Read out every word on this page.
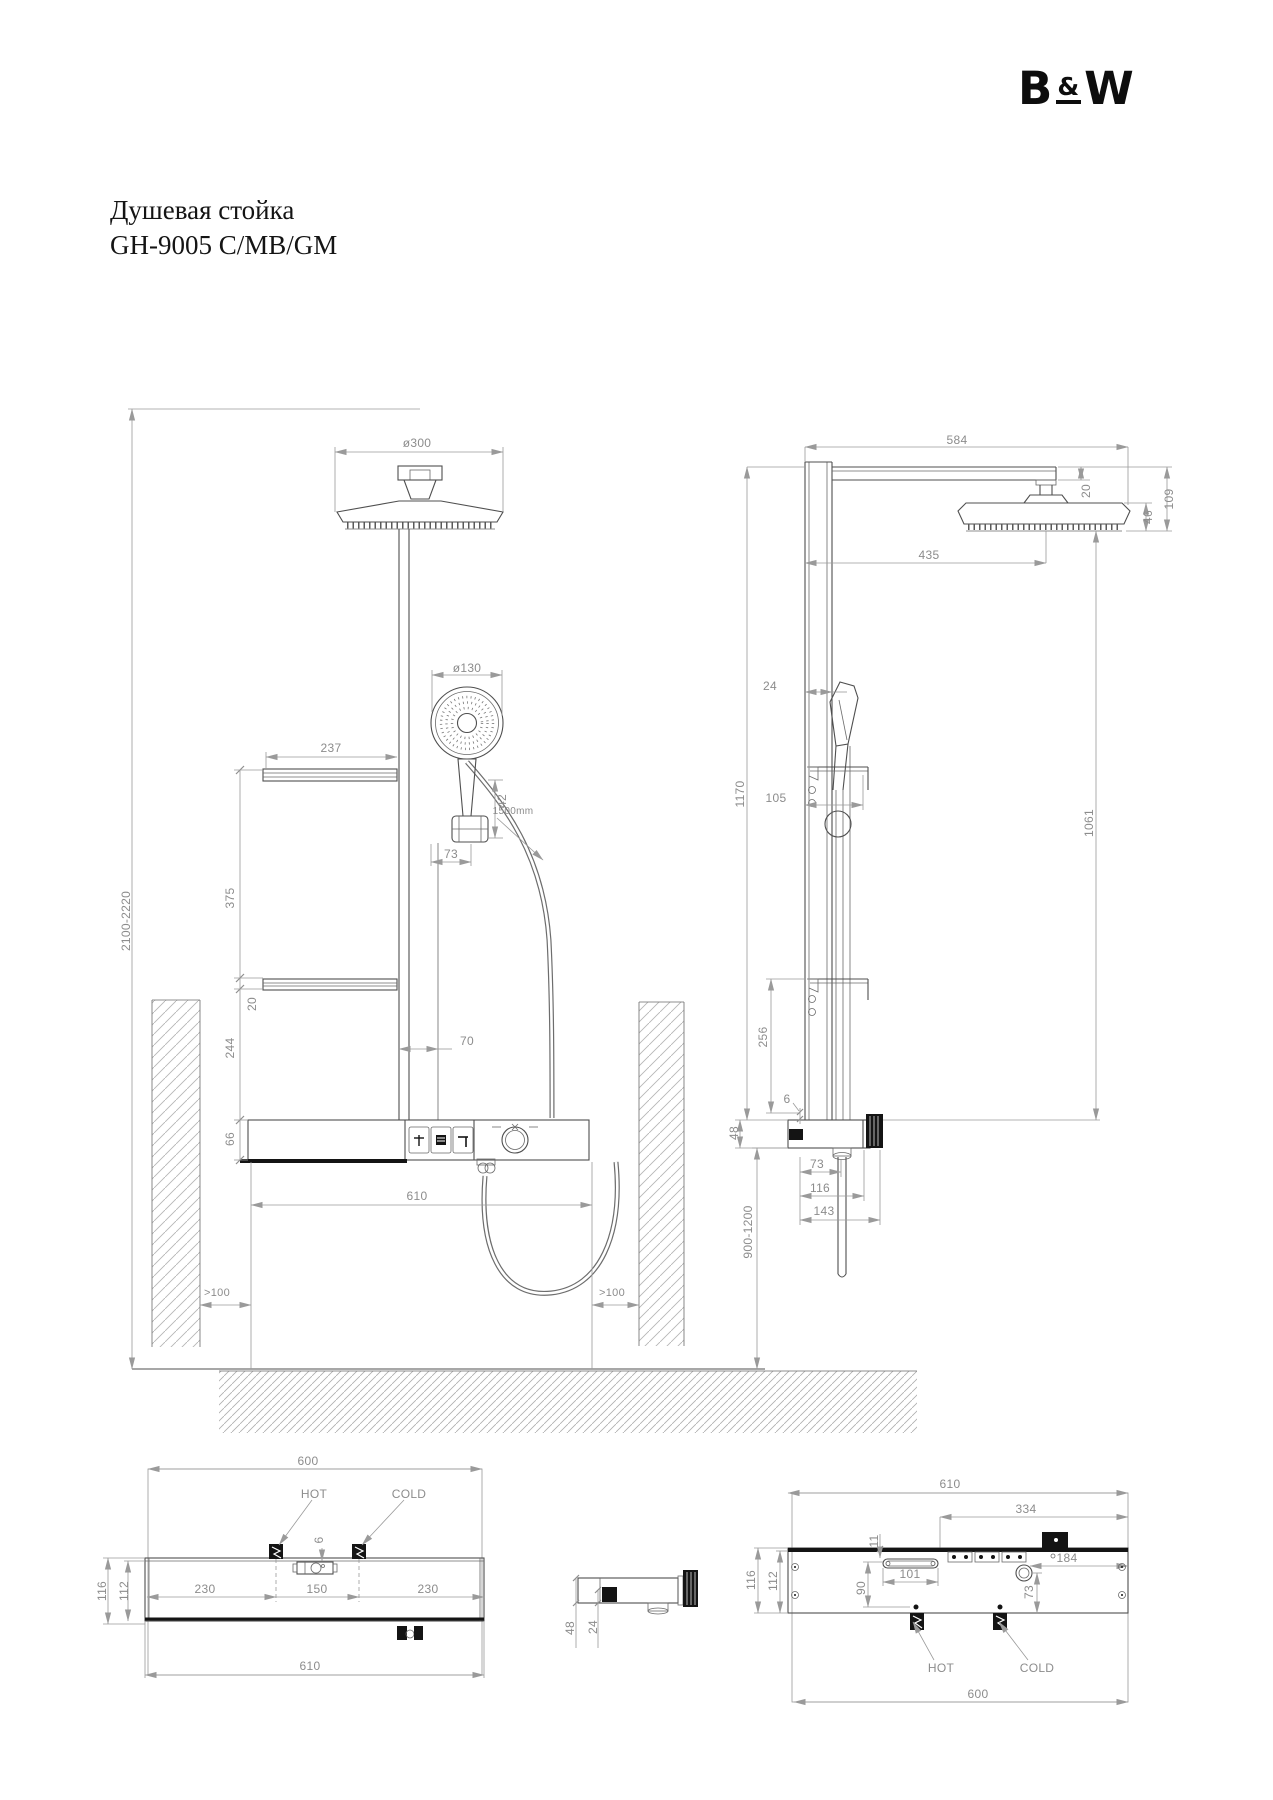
B &W
Душевая стойка
GH-9005 C/MB/GM
ø300
2100-2220
ø130
237
42
73
1500mm
375
20
244	70
66
610
>100	>100
584
20
46
109
435
24
1170 105
1061
256
6
48
73
116
143
900-1200
600
HOT	COLD
6
230	150	230
116 112
610
48 24
610
334
11
101
184
90	73
116 112
HOT	COLD
600
